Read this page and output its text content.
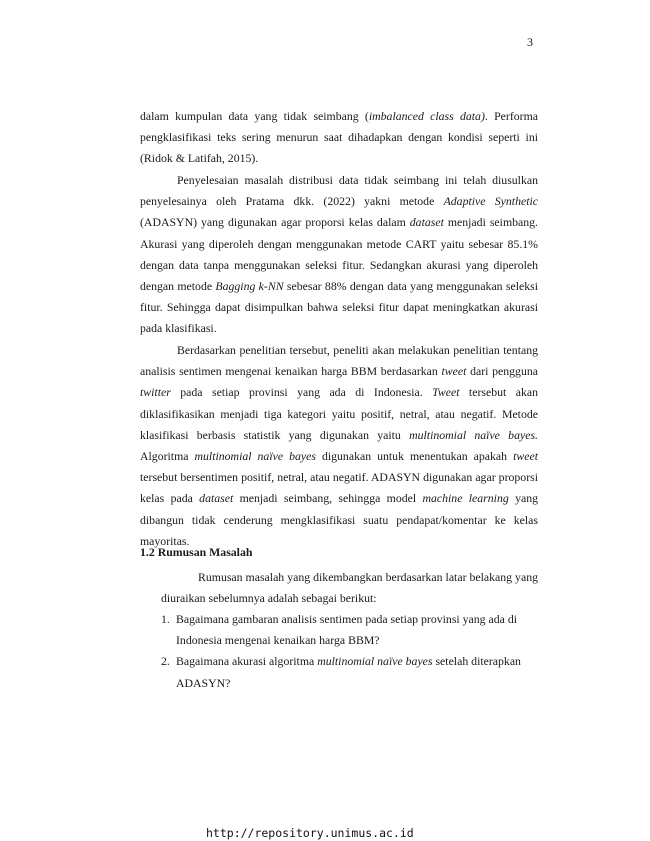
3

dalam kumpulan data yang tidak seimbang (imbalanced class data). Performa pengklasifikasi teks sering menurun saat dihadapkan dengan kondisi seperti ini (Ridok & Latifah, 2015).

Penyelesaian masalah distribusi data tidak seimbang ini telah diusulkan penyelesainya oleh Pratama dkk. (2022) yakni metode Adaptive Synthetic (ADASYN) yang digunakan agar proporsi kelas dalam dataset menjadi seimbang. Akurasi yang diperoleh dengan menggunakan metode CART yaitu sebesar 85.1% dengan data tanpa menggunakan seleksi fitur. Sedangkan akurasi yang diperoleh dengan metode Bagging k-NN sebesar 88% dengan data yang menggunakan seleksi fitur. Sehingga dapat disimpulkan bahwa seleksi fitur dapat meningkatkan akurasi pada klasifikasi.

Berdasarkan penelitian tersebut, peneliti akan melakukan penelitian tentang analisis sentimen mengenai kenaikan harga BBM berdasarkan tweet dari pengguna twitter pada setiap provinsi yang ada di Indonesia. Tweet tersebut akan diklasifikasikan menjadi tiga kategori yaitu positif, netral, atau negatif. Metode klasifikasi berbasis statistik yang digunakan yaitu multinomial naïve bayes. Algoritma multinomial naïve bayes digunakan untuk menentukan apakah tweet tersebut bersentimen positif, netral, atau negatif. ADASYN digunakan agar proporsi kelas pada dataset menjadi seimbang, sehingga model machine learning yang dibangun tidak cenderung mengklasifikasi suatu pendapat/komentar ke kelas mayoritas.

1.2 Rumusan Masalah

Rumusan masalah yang dikembangkan berdasarkan latar belakang yang diuraikan sebelumnya adalah sebagai berikut:

1. Bagaimana gambaran analisis sentimen pada setiap provinsi yang ada di Indonesia mengenai kenaikan harga BBM?
2. Bagaimana akurasi algoritma multinomial naïve bayes setelah diterapkan ADASYN?
http://repository.unimus.ac.id
